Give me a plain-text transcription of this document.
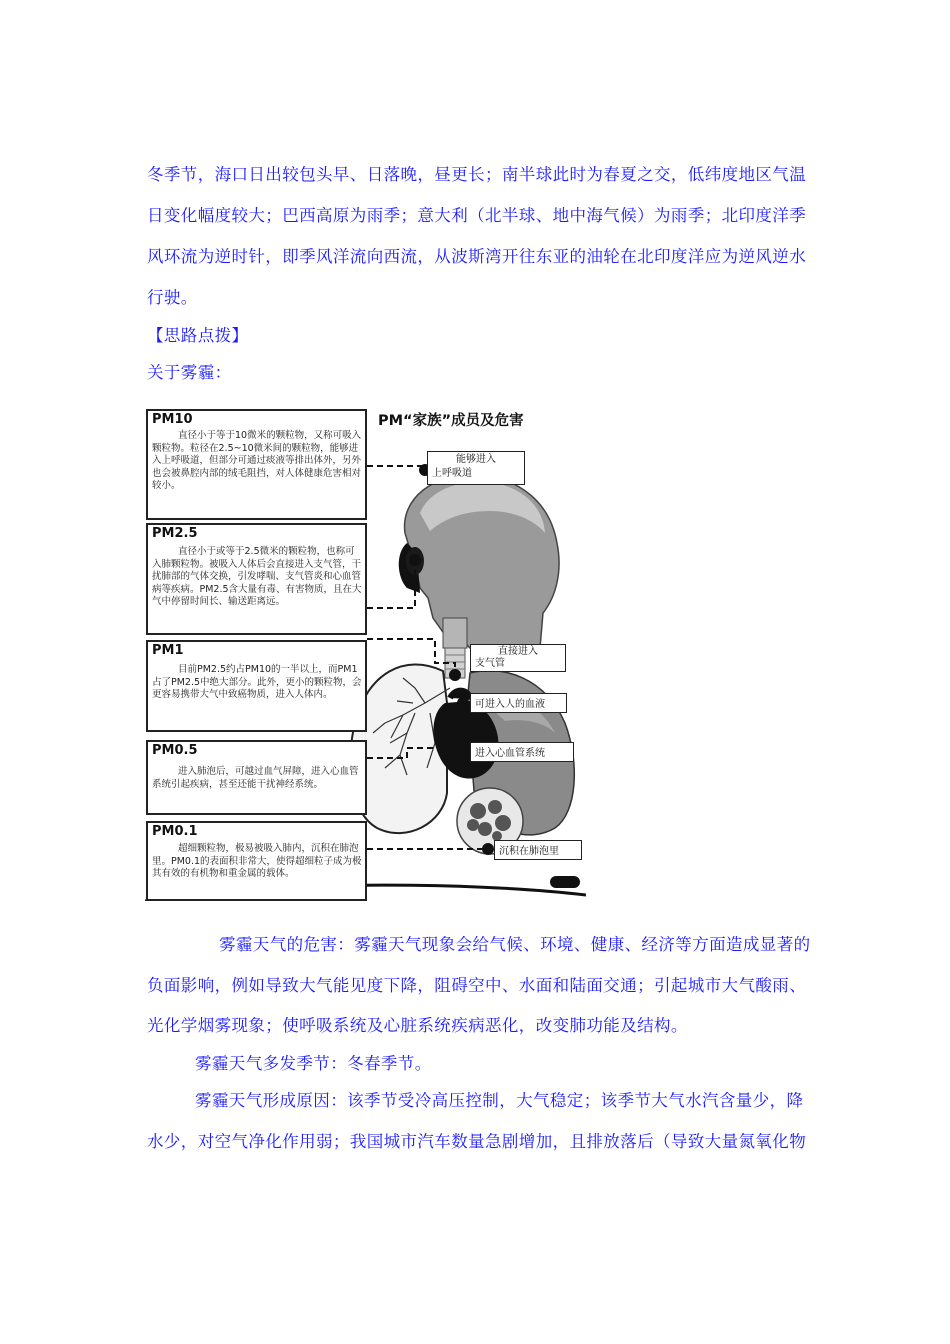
冬季节，海口日出较包头早、日落晚，昼更长；南半球此时为春夏之交，低纬度地区气温
日变化幅度较大；巴西高原为雨季；意大利（北半球、地中海气候）为雨季；北印度洋季
风环流为逆时针，即季风洋流向西流，从波斯湾开往东亚的油轮在北印度洋应为逆风逆水
行驶。
【思路点拨】
关于雾霾：
PM“家族”成员及危害
PM10
直径小于等于10微米的颗粒物，又称可吸入颗粒物。粒径在2.5~10微米间的颗粒物，能够进入上呼吸道，但部分可通过痰液等排出体外，另外也会被鼻腔内部的绒毛阻挡，对人体健康危害相对较小。
PM2.5
直径小于或等于2.5微米的颗粒物，也称可入肺颗粒物。被吸入人体后会直接进入支气管，干扰肺部的气体交换，引发哮喘、支气管炎和心血管病等疾病。PM2.5含大量有毒、有害物质，且在大气中停留时间长、输送距离远。
PM1
目前PM2.5约占PM10的一半以上，而PM1占了PM2.5中绝大部分。此外，更小的颗粒物，会更容易携带大气中致癌物质，进入人体内。
PM0.5
进入肺泡后，可越过血气屏障，进入心血管系统引起疾病，甚至还能干扰神经系统。
PM0.1
超细颗粒物，极易被吸入肺内，沉积在肺泡里。PM0.1的表面积非常大，使得超细粒子成为极其有效的有机物和重金属的载体。
能够进入
上呼吸道
直接进入
支气管
可进入人的血液
进入心血管系统
沉积在肺泡里
雾霾天气的危害：雾霾天气现象会给气候、环境、健康、经济等方面造成显著的
负面影响，例如导致大气能见度下降，阻碍空中、水面和陆面交通；引起城市大气酸雨、
光化学烟雾现象；使呼吸系统及心脏系统疾病恶化，改变肺功能及结构。
雾霾天气多发季节：冬春季节。
雾霾天气形成原因：该季节受冷高压控制，大气稳定；该季节大气水汽含量少，降
水少，对空气净化作用弱；我国城市汽车数量急剧增加，且排放落后（导致大量氮氧化物
